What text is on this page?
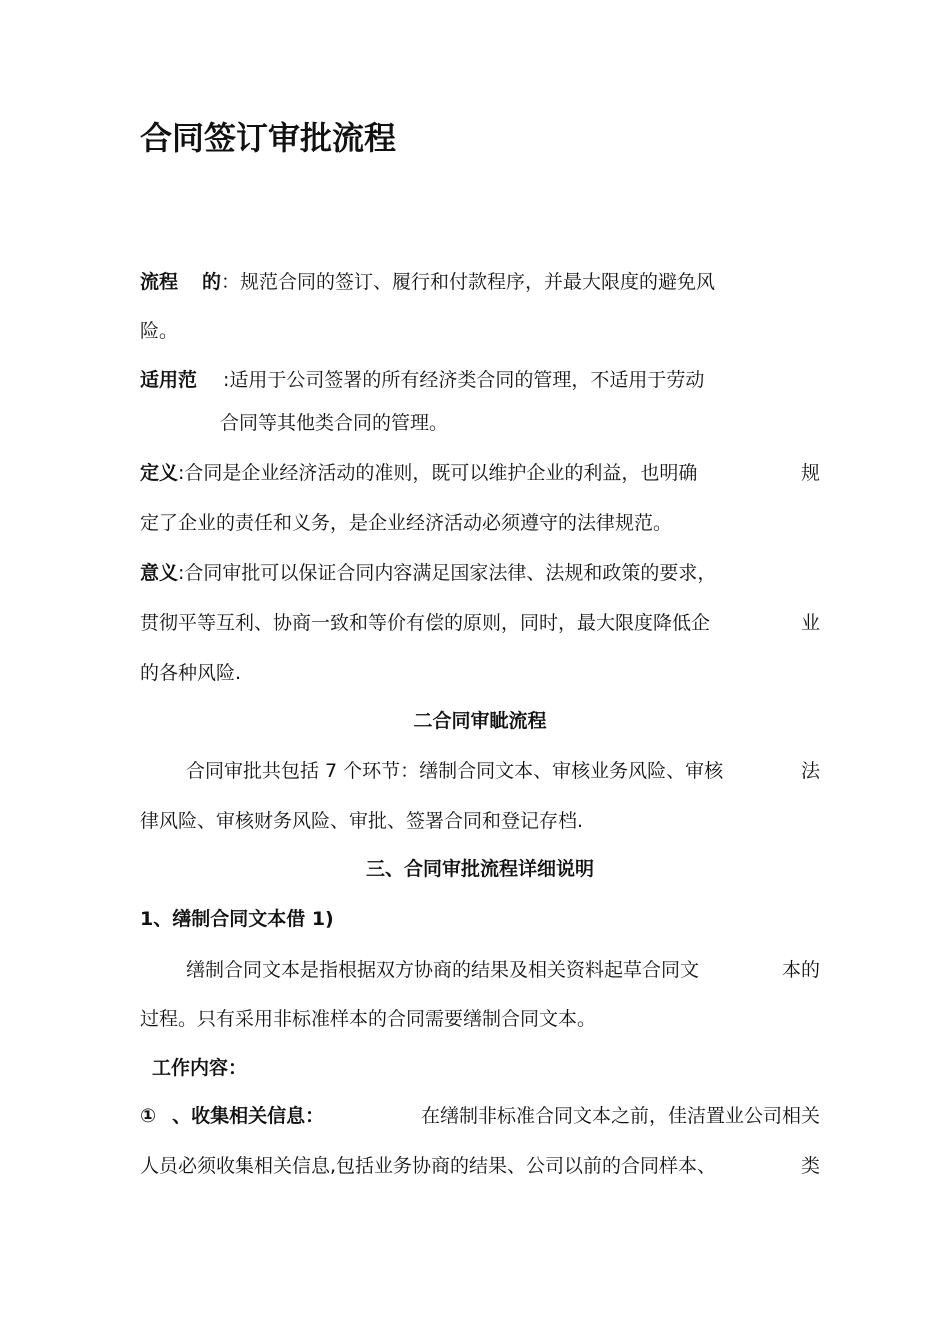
合同签订审批流程
流程 的：规范合同的签订、履行和付款程序，并最大限度的避免风
险。
适用范 :适用于公司签署的所有经济类合同的管理，不适用于劳动
合同等其他类合同的管理。
定义:合同是企业经济活动的准则，既可以维护企业的利益，也明确	规
定了企业的责任和义务，是企业经济活动必须遵守的法律规范。
意义:合同审批可以保证合同内容满足国家法律、法规和政策的要求，
贯彻平等互利、协商一致和等价有偿的原则，同时，最大限度降低企	业
的各种风险.
二合同审眦流程
合同审批共包括 7 个环节：缮制合同文本、审核业务风险、审核	法
律风险、审核财务风险、审批、签署合同和登记存档.
三、合同审批流程详细说明
1、缮制合同文本借 1)
缮制合同文本是指根据双方协商的结果及相关资料起草合同文	本的
过程。只有采用非标准样本的合同需要缮制合同文本。
工作内容：
① 、收集相关信息：	在缮制非标准合同文本之前，佳洁置业公司相关
人员必须收集相关信息,包括业务协商的结果、公司以前的合同样本、	类
